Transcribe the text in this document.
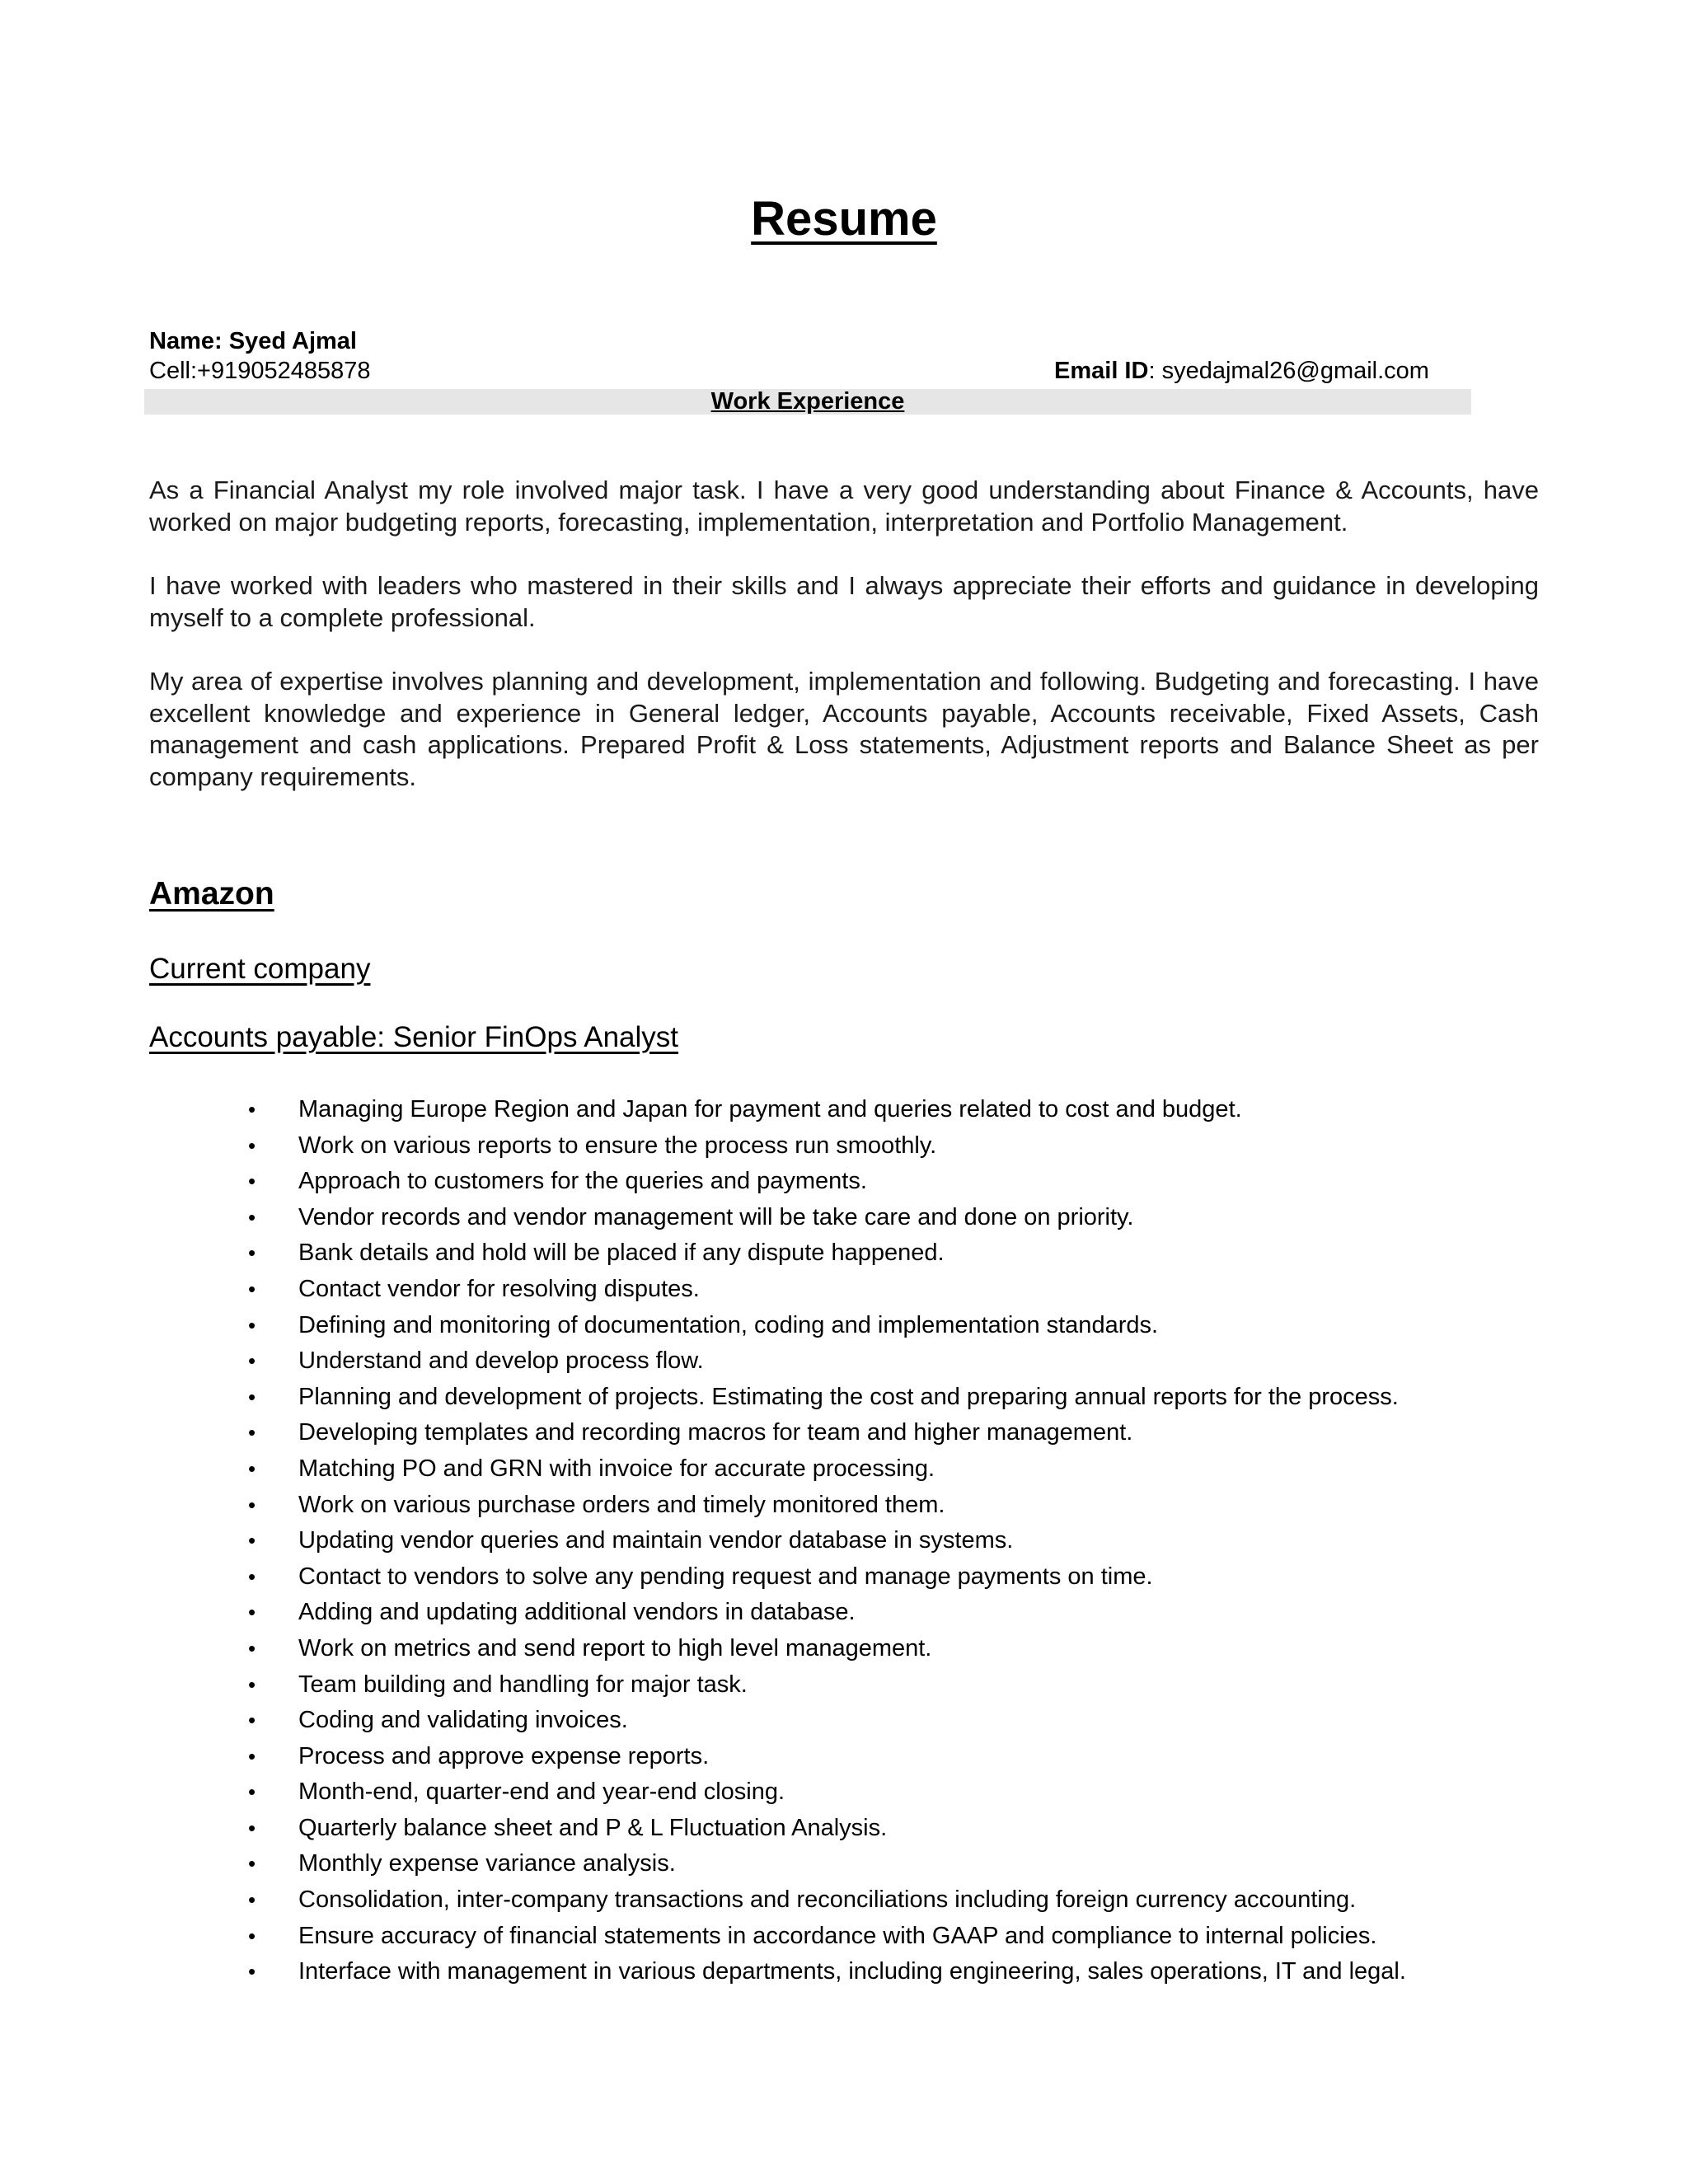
Resume
Name: Syed Ajmal
Cell:+919052485878	Email ID: syedajmal26@gmail.com
Work Experience
As a Financial Analyst my role involved major task. I have a very good understanding about Finance & Accounts, have worked on major budgeting reports, forecasting, implementation, interpretation and Portfolio Management.
I have worked with leaders who mastered in their skills and I always appreciate their efforts and guidance in developing myself to a complete professional.
My area of expertise involves planning and development, implementation and following. Budgeting and forecasting. I have excellent knowledge and experience in General ledger, Accounts payable, Accounts receivable, Fixed Assets, Cash management and cash applications. Prepared Profit & Loss statements, Adjustment reports and Balance Sheet as per company requirements.
Amazon
Current company
Accounts payable: Senior FinOps Analyst
• Managing Europe Region and Japan for payment and queries related to cost and budget.
• Work on various reports to ensure the process run smoothly.
• Approach to customers for the queries and payments.
• Vendor records and vendor management will be take care and done on priority.
• Bank details and hold will be placed if any dispute happened.
• Contact vendor for resolving disputes.
• Defining and monitoring of documentation, coding and implementation standards.
• Understand and develop process flow.
• Planning and development of projects. Estimating the cost and preparing annual reports for the process.
• Developing templates and recording macros for team and higher management.
• Matching PO and GRN with invoice for accurate processing.
• Work on various purchase orders and timely monitored them.
• Updating vendor queries and maintain vendor database in systems.
• Contact to vendors to solve any pending request and manage payments on time.
• Adding and updating additional vendors in database.
• Work on metrics and send report to high level management.
• Team building and handling for major task.
• Coding and validating invoices.
• Process and approve expense reports.
• Month-end, quarter-end and year-end closing.
• Quarterly balance sheet and P & L Fluctuation Analysis.
• Monthly expense variance analysis.
• Consolidation, inter-company transactions and reconciliations including foreign currency accounting.
• Ensure accuracy of financial statements in accordance with GAAP and compliance to internal policies.
• Interface with management in various departments, including engineering, sales operations, IT and legal.
